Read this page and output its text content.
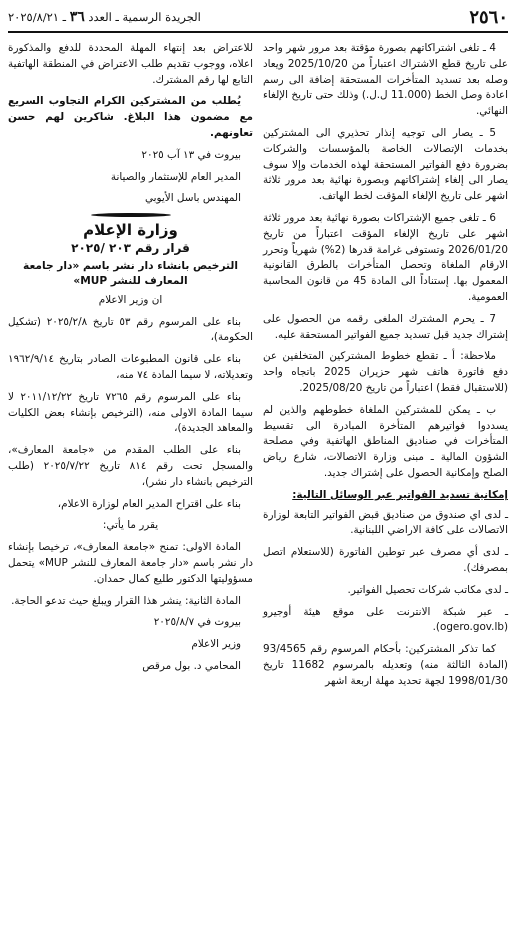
٢٥٦٠
الجريدة الرسمية ـ العدد ٣٦ ـ ٢٠٢٥/٨/٢١

4 ـ تلغى اشتراكاتهم بصورة مؤقتة بعد مرور شهر واحد على تاريخ قطع الاشتراك اعتباراً من 2025/10/20 ويعاد وصله بعد تسديد المتأخرات المستحقة إضافة الى رسم اعادة وصل الخط (11.000 ل.ل.) وذلك حتى تاريخ الإلغاء النهائي.

5 ـ يصار الى توجيه إنذار تحذيري الى المشتركين بخدمات الإتصالات الخاصة بالمؤسسات والشركات بضرورة دفع الفواتير المستحقة لهذه الخدمات وإلا سوف يصار الى إلغاء إشتراكاتهم وبصورة نهائية بعد مرور ثلاثة اشهر على تاريخ الإلغاء المؤقت لخط الهاتف.

6 ـ تلغى جميع الإشتراكات بصورة نهائية بعد مرور ثلاثة اشهر على تاريخ الإلغاء المؤقت اعتباراً من تاريخ 2026/01/20 وتستوفى غرامة قدرها (2%) شهرياً وتحرر الارقام الملغاة وتحصل المتأخرات بالطرق القانونية المعمول بها. إستناداً الى المادة 45 من قانون المحاسبة العمومية.

7 ـ يحرم المشترك الملغى رقمه من الحصول على إشتراك جديد قبل تسديد جميع الفواتير المستحقة عليه.

ملاحظة: أ ـ تقطع خطوط المشتركين المتخلفين عن دفع فاتورة هاتف شهر حزيران 2025 باتجاه واحد (للاستقبال فقط) اعتباراً من تاريخ 2025/08/20.

ب ـ يمكن للمشتركين الملغاة خطوطهم والذين لم يسددوا فواتيرهم المتأخرة المبادرة الى تقسيط المتأخرات في صناديق المناطق الهاتفية وفي مصلحة الشؤون المالية ـ مبنى وزارة الاتصالات، شارع رياض الصلح وإمكانية الحصول على إشتراك جديد.

إمكانية تسديد الفواتير عبر الوسائل التالية:

ـ لدى اي صندوق من صناديق قبض الفواتير التابعة لوزارة الاتصالات على كافة الاراضي اللبنانية.

ـ لدى أي مصرف عبر توطين الفاتورة (للاستعلام اتصل بمصرفك).

ـ لدى مكاتب شركات تحصيل الفواتير.

ـ عبر شبكة الانترنت على موقع هيئة أوجيرو (ogero.gov.lb).

كما تذكر المشتركين: بأحكام المرسوم رقم 93/4565 (المادة الثالثة منه) وتعديله بالمرسوم 11682 تاريخ 1998/01/30 لجهة تحديد مهلة اربعة اشهر

للاعتراض بعد إنتهاء المهلة المحددة للدفع والمذكورة اعلاه، ووجوب تقديم طلب الاعتراض في المنطقة الهاتفية التابع لها رقم المشترك.

يُطلب من المشتركين الكرام التجاوب السريع مع مضمون هذا البلاغ. شاكرين لهم حسن تعاونهم.

بيروت في ١٣ آب ٢٠٢٥

المدير العام للإستثمار والصيانة

المهندس باسل الأيوبي

وزارة الإعلام
قرار رقم ٢٠٣ /٢٠٢٥
الترخيص بانشاء دار نشر باسم «دار جامعة المعارف للنشر MUP»

ان وزير الاعلام

بناء على المرسوم رقم ٥٣ تاريخ ٢٠٢٥/٢/٨ (تشكيل الحكومة)،

بناء على قانون المطبوعات الصادر بتاريخ ١٩٦٢/٩/١٤ وتعديلاته، لا سيما المادة ٧٤ منه،

بناء على المرسوم رقم ٧٢٦٥ تاريخ ٢٠١١/١٢/٢٢ لا سيما المادة الاولى منه، (الترخيص بإنشاء بعض الكليات والمعاهد الجديدة)،

بناء على الطلب المقدم من «جامعة المعارف»، والمسجل تحت رقم ٨١٤ تاريخ ٢٠٢٥/٧/٢٢ (طلب الترخيص بانشاء دار نشر)،

بناء على اقتراح المدير العام لوزارة الاعلام،

يقرر ما يأتي:

المادة الاولى: تمنح «جامعة المعارف»، ترخيصا بإنشاء دار نشر باسم «دار جامعة المعارف للنشر MUP» يتحمل مسؤوليتها الدكتور طليع كمال حمدان.

المادة الثانية: ينشر هذا القرار ويبلغ حيث تدعو الحاجة.

بيروت في ٢٠٢٥/٨/٧

وزير الاعلام

المحامي د. بول مرقص
